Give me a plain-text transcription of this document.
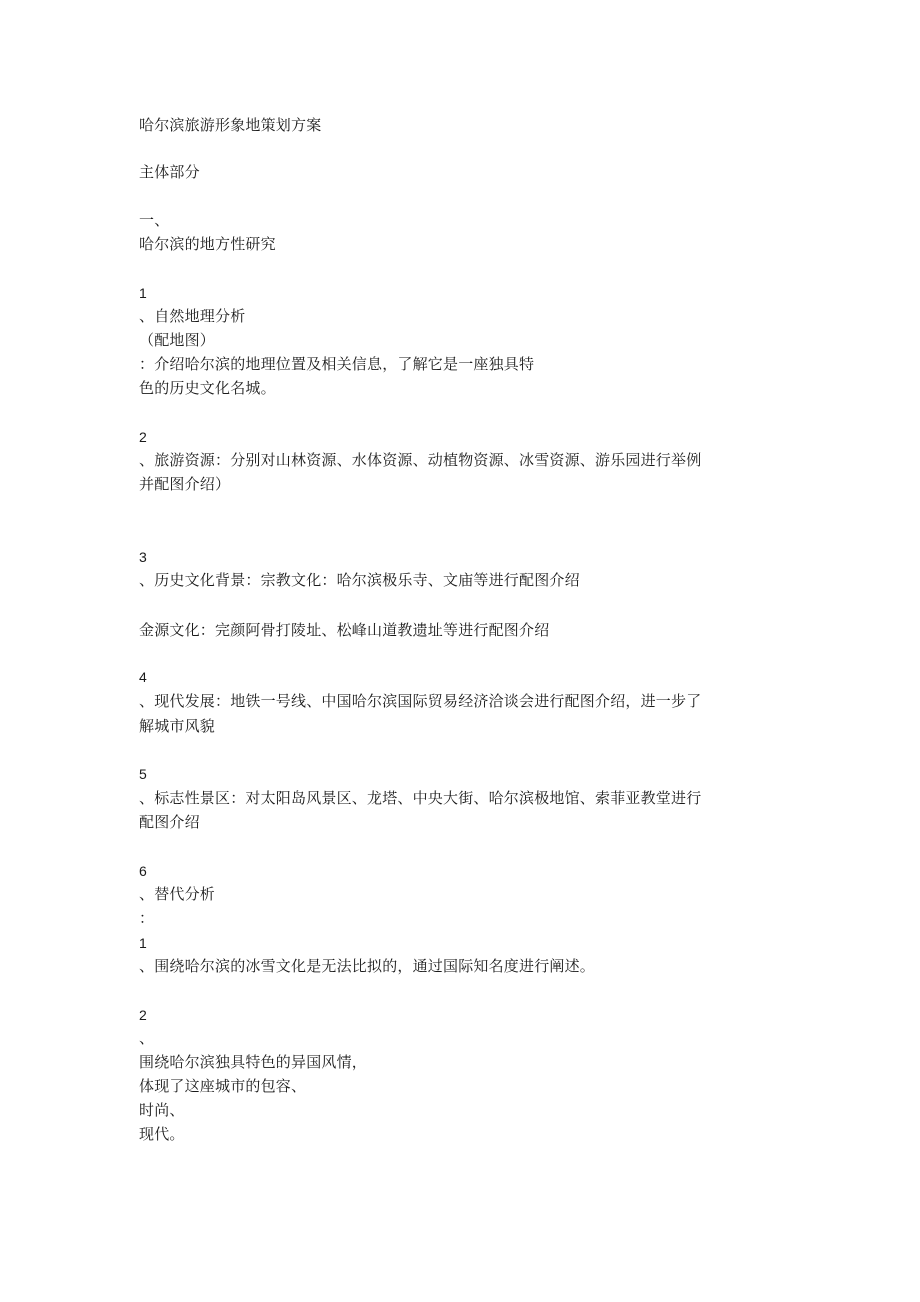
哈尔滨旅游形象地策划方案
主体部分
一、
哈尔滨的地方性研究
1
、自然地理分析
（配地图）
：介绍哈尔滨的地理位置及相关信息，了解它是一座独具特
色的历史文化名城。
2
、旅游资源：分别对山林资源、水体资源、动植物资源、冰雪资源、游乐园进行举例
并配图介绍）
3
、历史文化背景：宗教文化：哈尔滨极乐寺、文庙等进行配图介绍
金源文化：完颜阿骨打陵址、松峰山道教遗址等进行配图介绍
4
、现代发展：地铁一号线、中国哈尔滨国际贸易经济洽谈会进行配图介绍，进一步了
解城市风貌
5
、标志性景区：对太阳岛风景区、龙塔、中央大街、哈尔滨极地馆、索菲亚教堂进行
配图介绍
6
、替代分析
：
1
、围绕哈尔滨的冰雪文化是无法比拟的，通过国际知名度进行阐述。
2
、
围绕哈尔滨独具特色的异国风情，
体现了这座城市的包容、
时尚、
现代。
